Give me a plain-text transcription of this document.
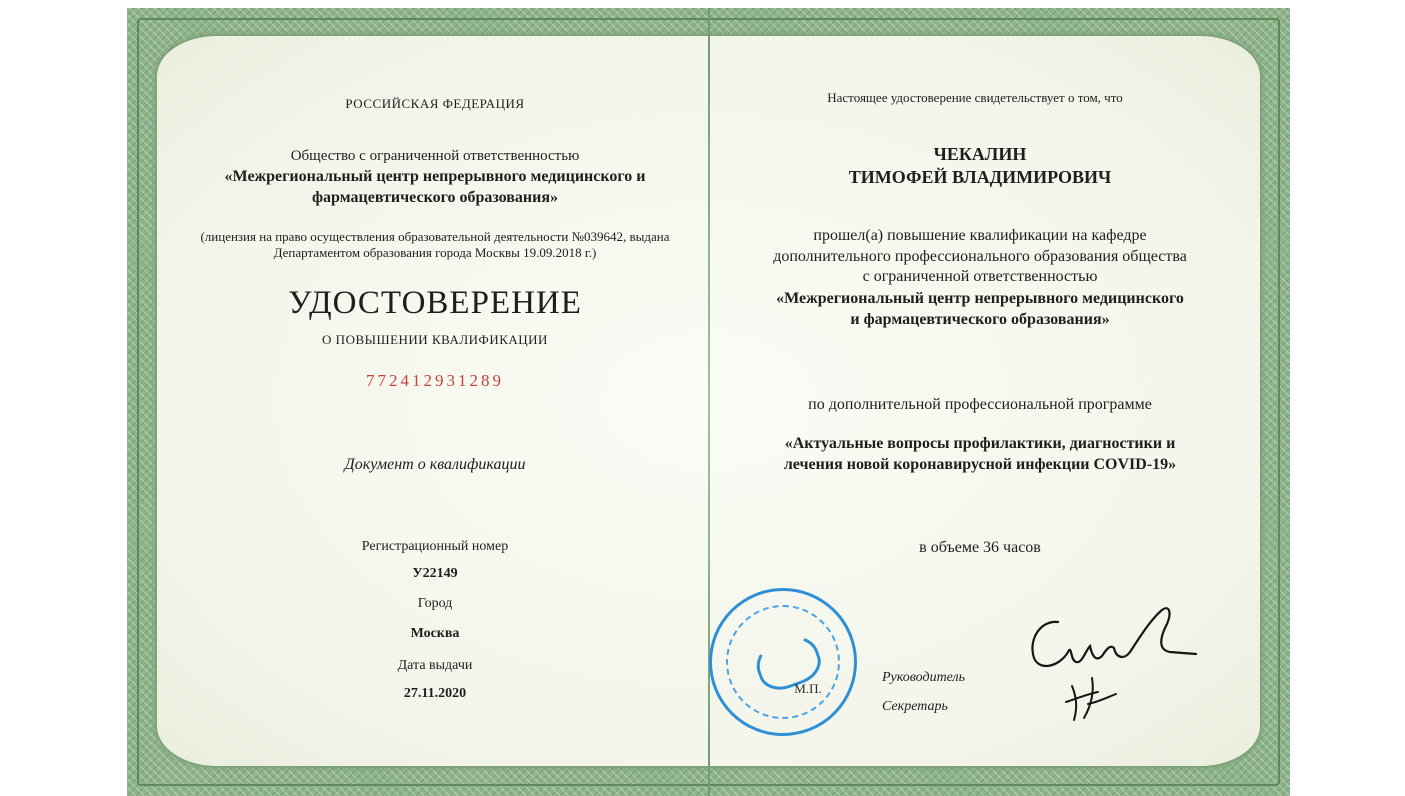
РОССИЙСКАЯ ФЕДЕРАЦИЯ
Общество с ограниченной ответственностью
«Межрегиональный центр непрерывного медицинского и
фармацевтического образования»
(лицензия на право осуществления образовательной деятельности №039642, выдана
Департаментом образования города Москвы 19.09.2018 г.)
УДОСТОВЕРЕНИЕ
О ПОВЫШЕНИИ КВАЛИФИКАЦИИ
772412931289
Документ о квалификации
Регистрационный номер
У22149
Город
Москва
Дата выдачи
27.11.2020
Настоящее удостоверение свидетельствует о том, что
ЧЕКАЛИН
ТИМОФЕЙ ВЛАДИМИРОВИЧ
прошел(а) повышение квалификации на кафедре
дополнительного профессионального образования общества
с ограниченной ответственностью
«Межрегиональный центр непрерывного медицинского
и фармацевтического образования»
по дополнительной профессиональной программе
«Актуальные вопросы профилактики, диагностики и
лечения новой коронавирусной инфекции COVID-19»
в объеме 36 часов
М.П.
Руководитель
Секретарь
